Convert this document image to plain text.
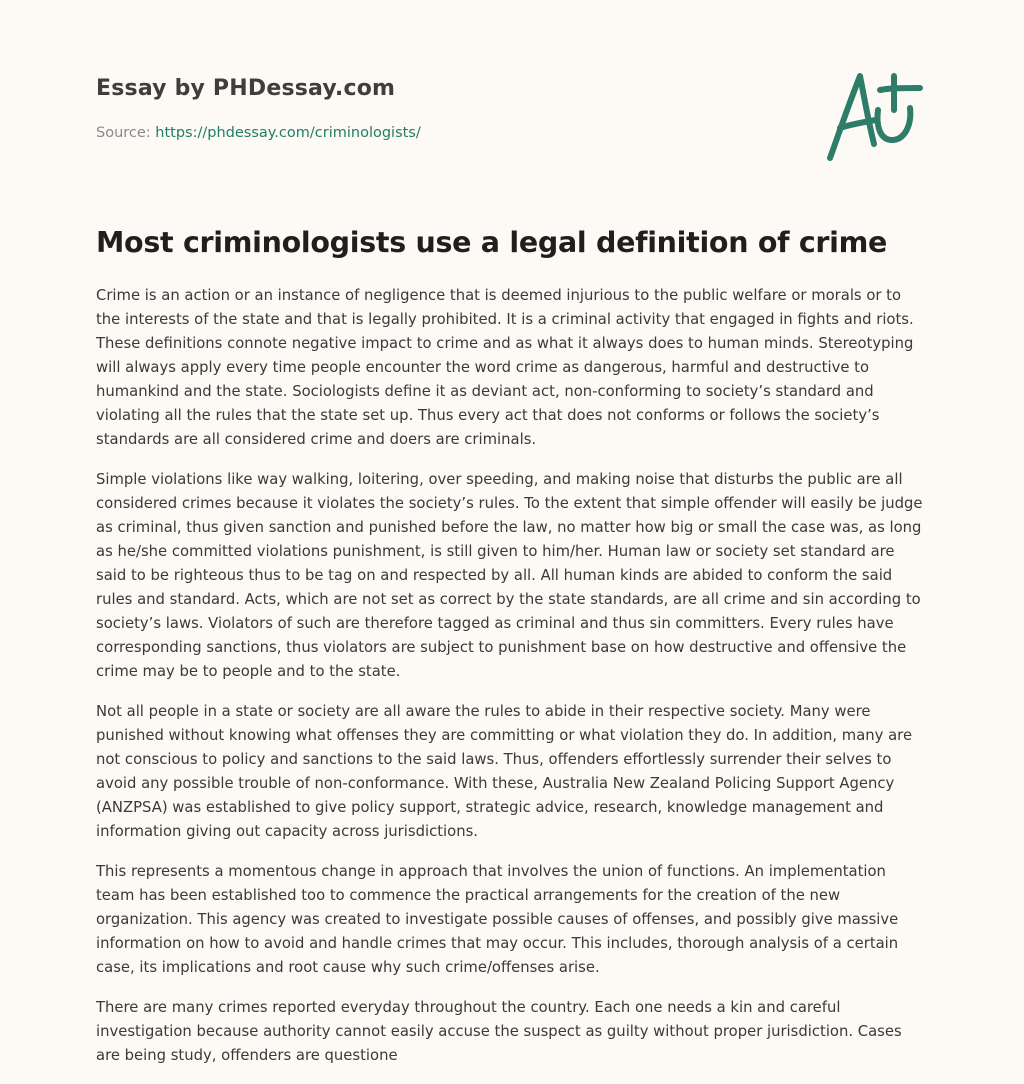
Essay by PHDessay.com
Source: https://phdessay.com/criminologists/
Most criminologists use a legal definition of crime

Crime is an action or an instance of negligence that is deemed injurious to the public welfare or morals or to the interests of the state and that is legally prohibited. It is a criminal activity that engaged in fights and riots. These definitions connote negative impact to crime and as what it always does to human minds. Stereotyping will always apply every time people encounter the word crime as dangerous, harmful and destructive to humankind and the state. Sociologists define it as deviant act, non-conforming to society’s standard and violating all the rules that the state set up. Thus every act that does not conforms or follows the society’s standards are all considered crime and doers are criminals.

Simple violations like way walking, loitering, over speeding, and making noise that disturbs the public are all considered crimes because it violates the society’s rules. To the extent that simple offender will easily be judge as criminal, thus given sanction and punished before the law, no matter how big or small the case was, as long as he/she committed violations punishment, is still given to him/her. Human law or society set standard are said to be righteous thus to be tag on and respected by all. All human kinds are abided to conform the said rules and standard. Acts, which are not set as correct by the state standards, are all crime and sin according to society’s laws. Violators of such are therefore tagged as criminal and thus sin committers. Every rules have corresponding sanctions, thus violators are subject to punishment base on how destructive and offensive the crime may be to people and to the state.

Not all people in a state or society are all aware the rules to abide in their respective society. Many were punished without knowing what offenses they are committing or what violation they do. In addition, many are not conscious to policy and sanctions to the said laws. Thus, offenders effortlessly surrender their selves to avoid any possible trouble of non-conformance. With these, Australia New Zealand Policing Support Agency (ANZPSA) was established to give policy support, strategic advice, research, knowledge management and information giving out capacity across jurisdictions.

This represents a momentous change in approach that involves the union of functions. An implementation team has been established too to commence the practical arrangements for the creation of the new organization. This agency was created to investigate possible causes of offenses, and possibly give massive information on how to avoid and handle crimes that may occur. This includes, thorough analysis of a certain case, its implications and root cause why such crime/offenses arise.

There are many crimes reported everyday throughout the country. Each one needs a kin and careful investigation because authority cannot easily accuse the suspect as guilty without proper jurisdiction. Cases are being study, offenders are questione
